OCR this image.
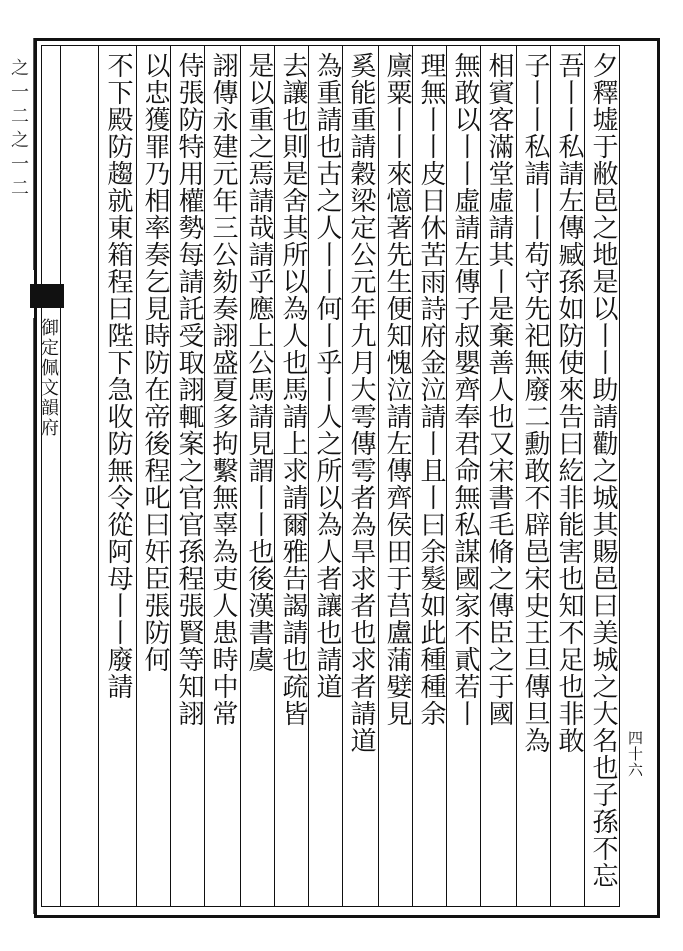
之一二之一二
御定佩文韻府	夕釋墟于敝邑之地是以丨丨助請勸之城其賜邑曰美城之大名也子孫不忘
吾丨丨私請左傳臧孫如防使來告曰紇非能害也知不足也非敢
子丨丨私請丨丨苟守先祀無廢二勳敢不辟邑宋史王旦傳旦為
相賓客滿堂虛請其丨是棄善人也又宋書毛脩之傳臣之于國
無敢以丨丨虛請左傳子叔嬰齊奉君命無私謀國家不貳若丨
理無丨丨皮日休苦雨詩府金泣請丨且丨曰余髮如此種種余
廪粟丨丨來憶著先生便知愧泣請左傳齊侯田于莒盧蒲嬖見
奚能重請穀梁定公元年九月大雩傳雩者為旱求者也求者請道
為重請也古之人丨丨何丨乎丨人之所以為人者讓也請道
去讓也則是舍其所以為人也馬請上求請爾雅告謁請也疏皆
是以重之焉請哉請乎應上公馬請見謂丨丨也後漢書虞
詡傳永建元年三公劾奏詡盛夏多拘繫無辜為吏人患時中常
侍張防特用權勢每請託受取詡輒案之官官孫程張賢等知詡
以忠獲罪乃相率奏乞見時防在帝後程叱曰奸臣張防何
不下殿防趨就東箱程曰陛下急收防無令從阿母丨丨廢請
四十六
